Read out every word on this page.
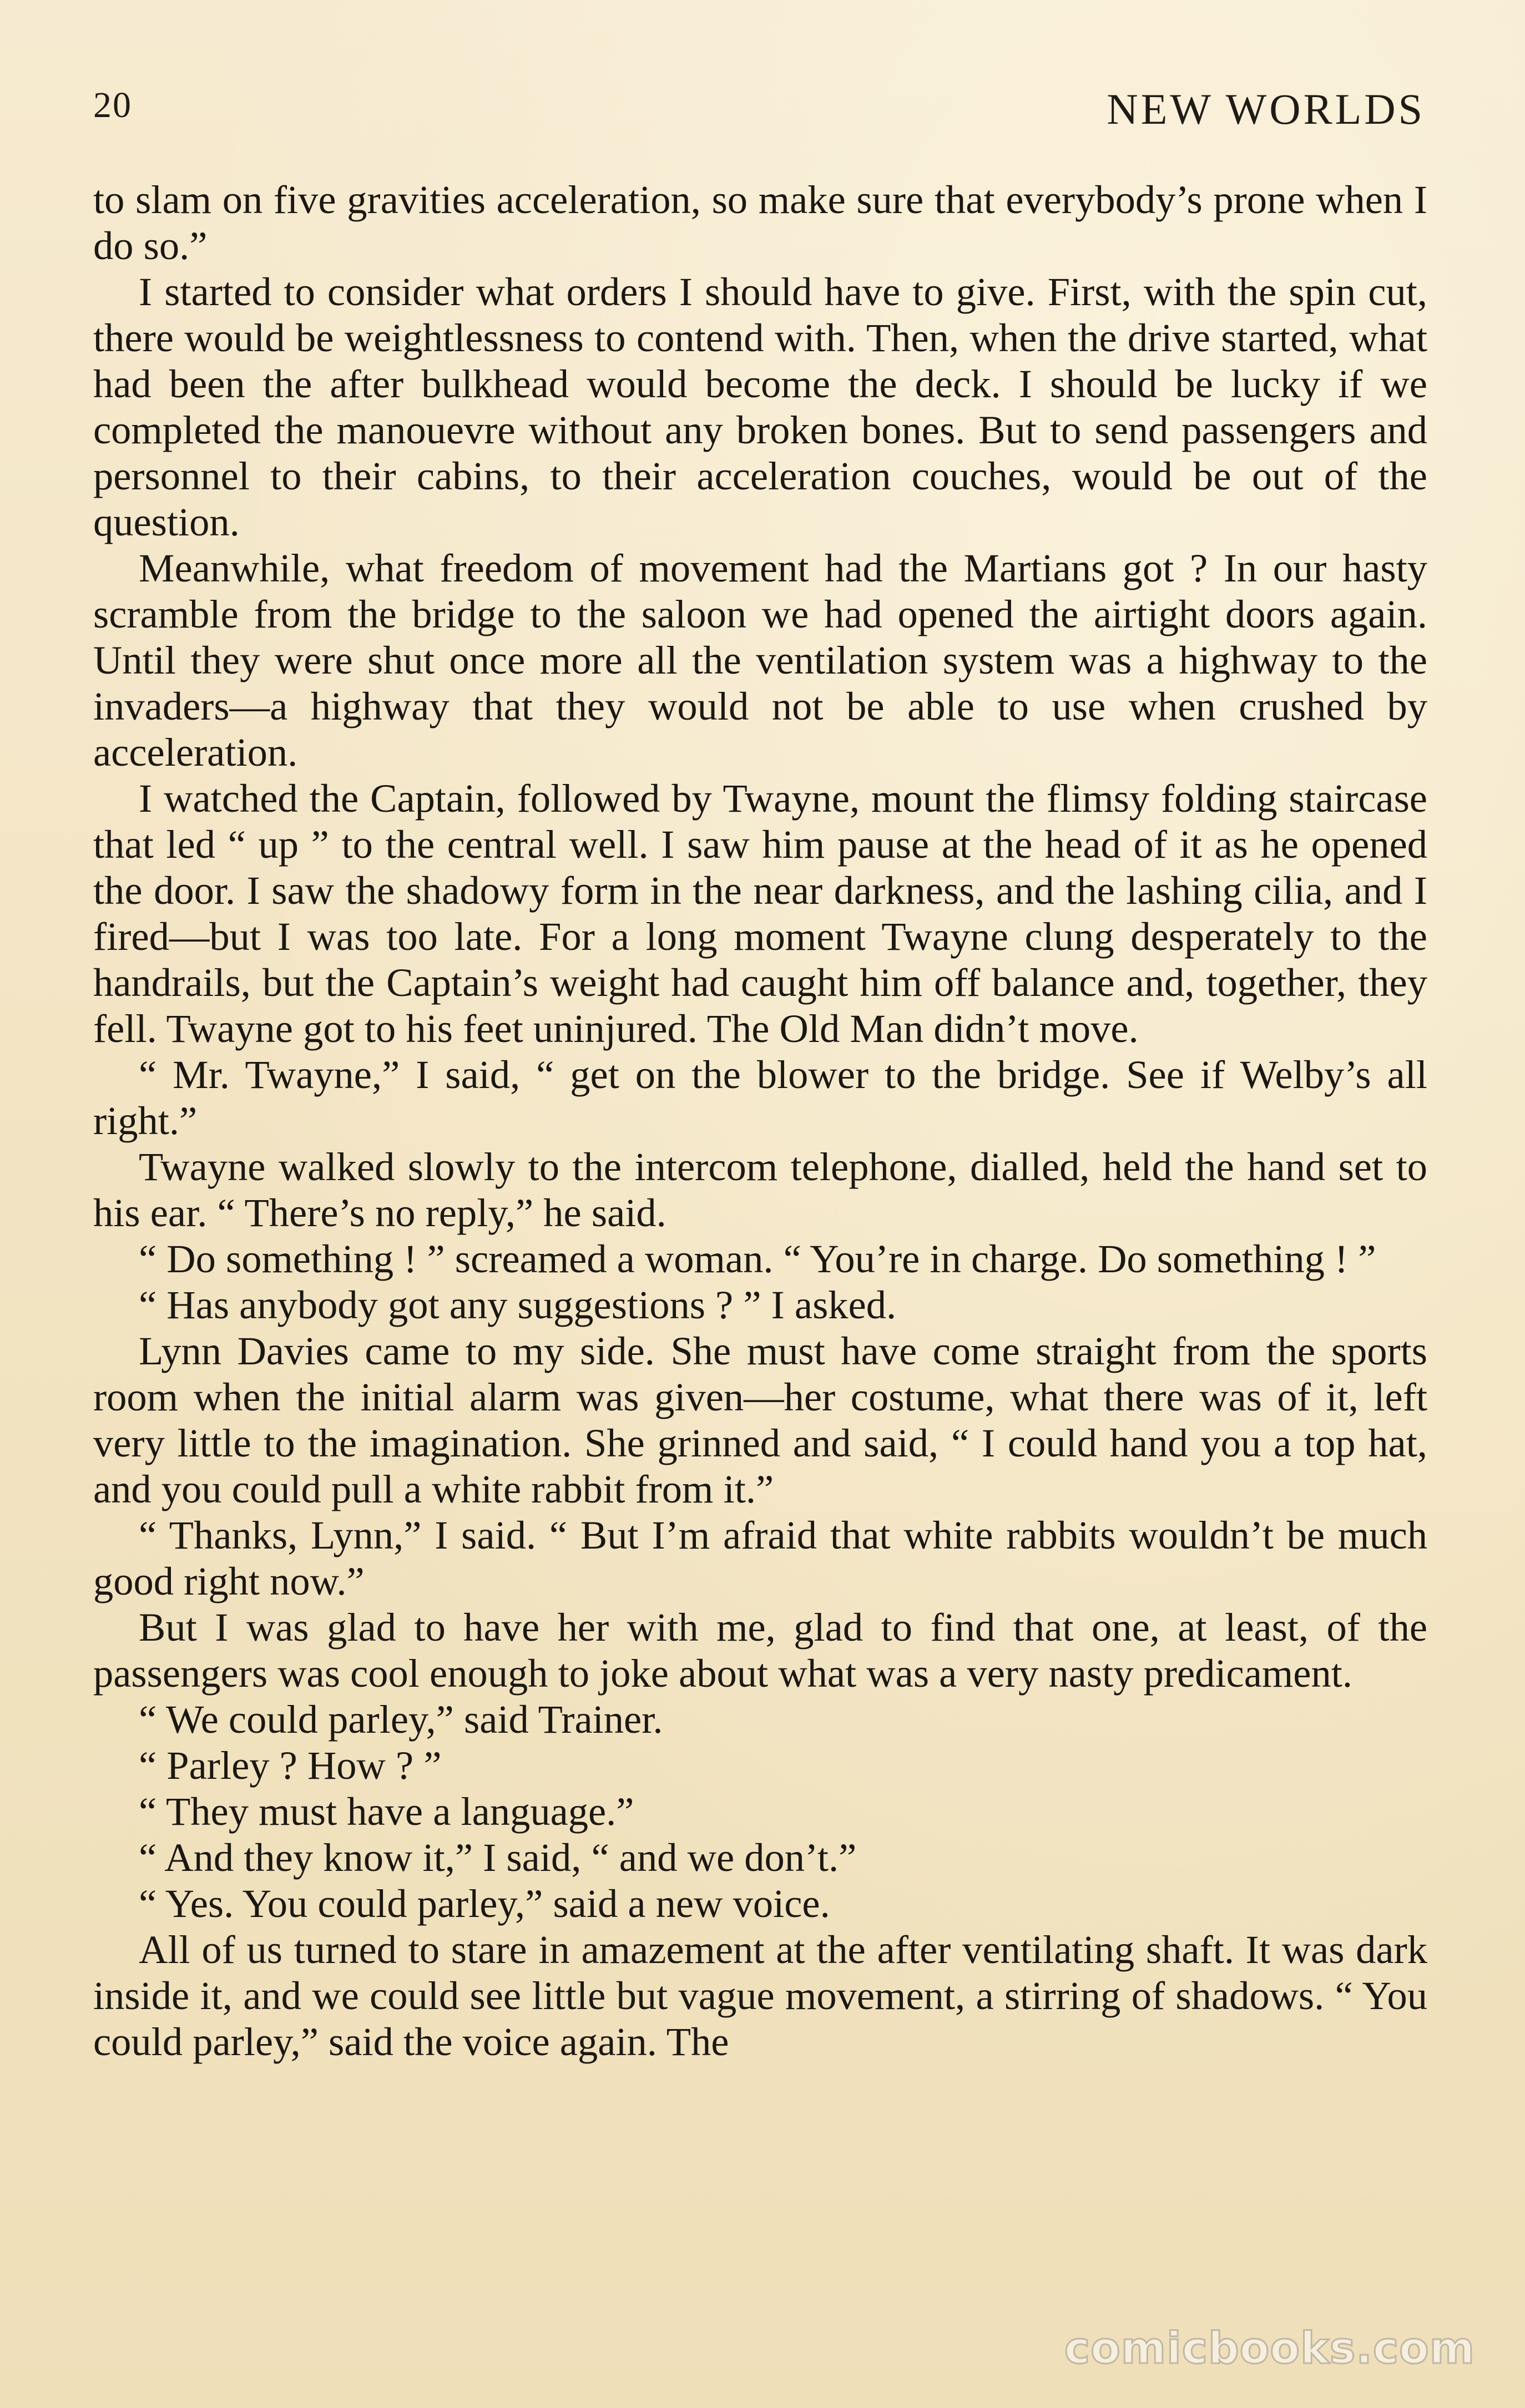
20	NEW WORLDS

to slam on five gravities acceleration, so make sure that everybody’s prone when I do so.”

I started to consider what orders I should have to give. First, with the spin cut, there would be weightlessness to contend with. Then, when the drive started, what had been the after bulkhead would become the deck. I should be lucky if we completed the manouevre without any broken bones. But to send passengers and personnel to their cabins, to their acceleration couches, would be out of the question.

Meanwhile, what freedom of movement had the Martians got ? In our hasty scramble from the bridge to the saloon we had opened the airtight doors again. Until they were shut once more all the ventilation system was a highway to the invaders—a highway that they would not be able to use when crushed by acceleration.

I watched the Captain, followed by Twayne, mount the flimsy folding staircase that led “ up ” to the central well. I saw him pause at the head of it as he opened the door. I saw the shadowy form in the near darkness, and the lashing cilia, and I fired—but I was too late. For a long moment Twayne clung desperately to the handrails, but the Captain’s weight had caught him off balance and, together, they fell. Twayne got to his feet uninjured. The Old Man didn’t move.

“ Mr. Twayne,” I said, “ get on the blower to the bridge. See if Welby’s all right.”

Twayne walked slowly to the intercom telephone, dialled, held the hand set to his ear. “ There’s no reply,” he said.

“ Do something ! ” screamed a woman. “ You’re in charge. Do something ! ”

“ Has anybody got any suggestions ? ” I asked.

Lynn Davies came to my side. She must have come straight from the sports room when the initial alarm was given—her costume, what there was of it, left very little to the imagination. She grinned and said, “ I could hand you a top hat, and you could pull a white rabbit from it.”

“ Thanks, Lynn,” I said. “ But I’m afraid that white rabbits wouldn’t be much good right now.”

But I was glad to have her with me, glad to find that one, at least, of the passengers was cool enough to joke about what was a very nasty predicament.

“ We could parley,” said Trainer.

“ Parley ? How ? ”

“ They must have a language.”

“ And they know it,” I said, “ and we don’t.”

“ Yes. You could parley,” said a new voice.

All of us turned to stare in amazement at the after ventilating shaft. It was dark inside it, and we could see little but vague movement, a stirring of shadows. “ You could parley,” said the voice again. The

comicbooks.com
